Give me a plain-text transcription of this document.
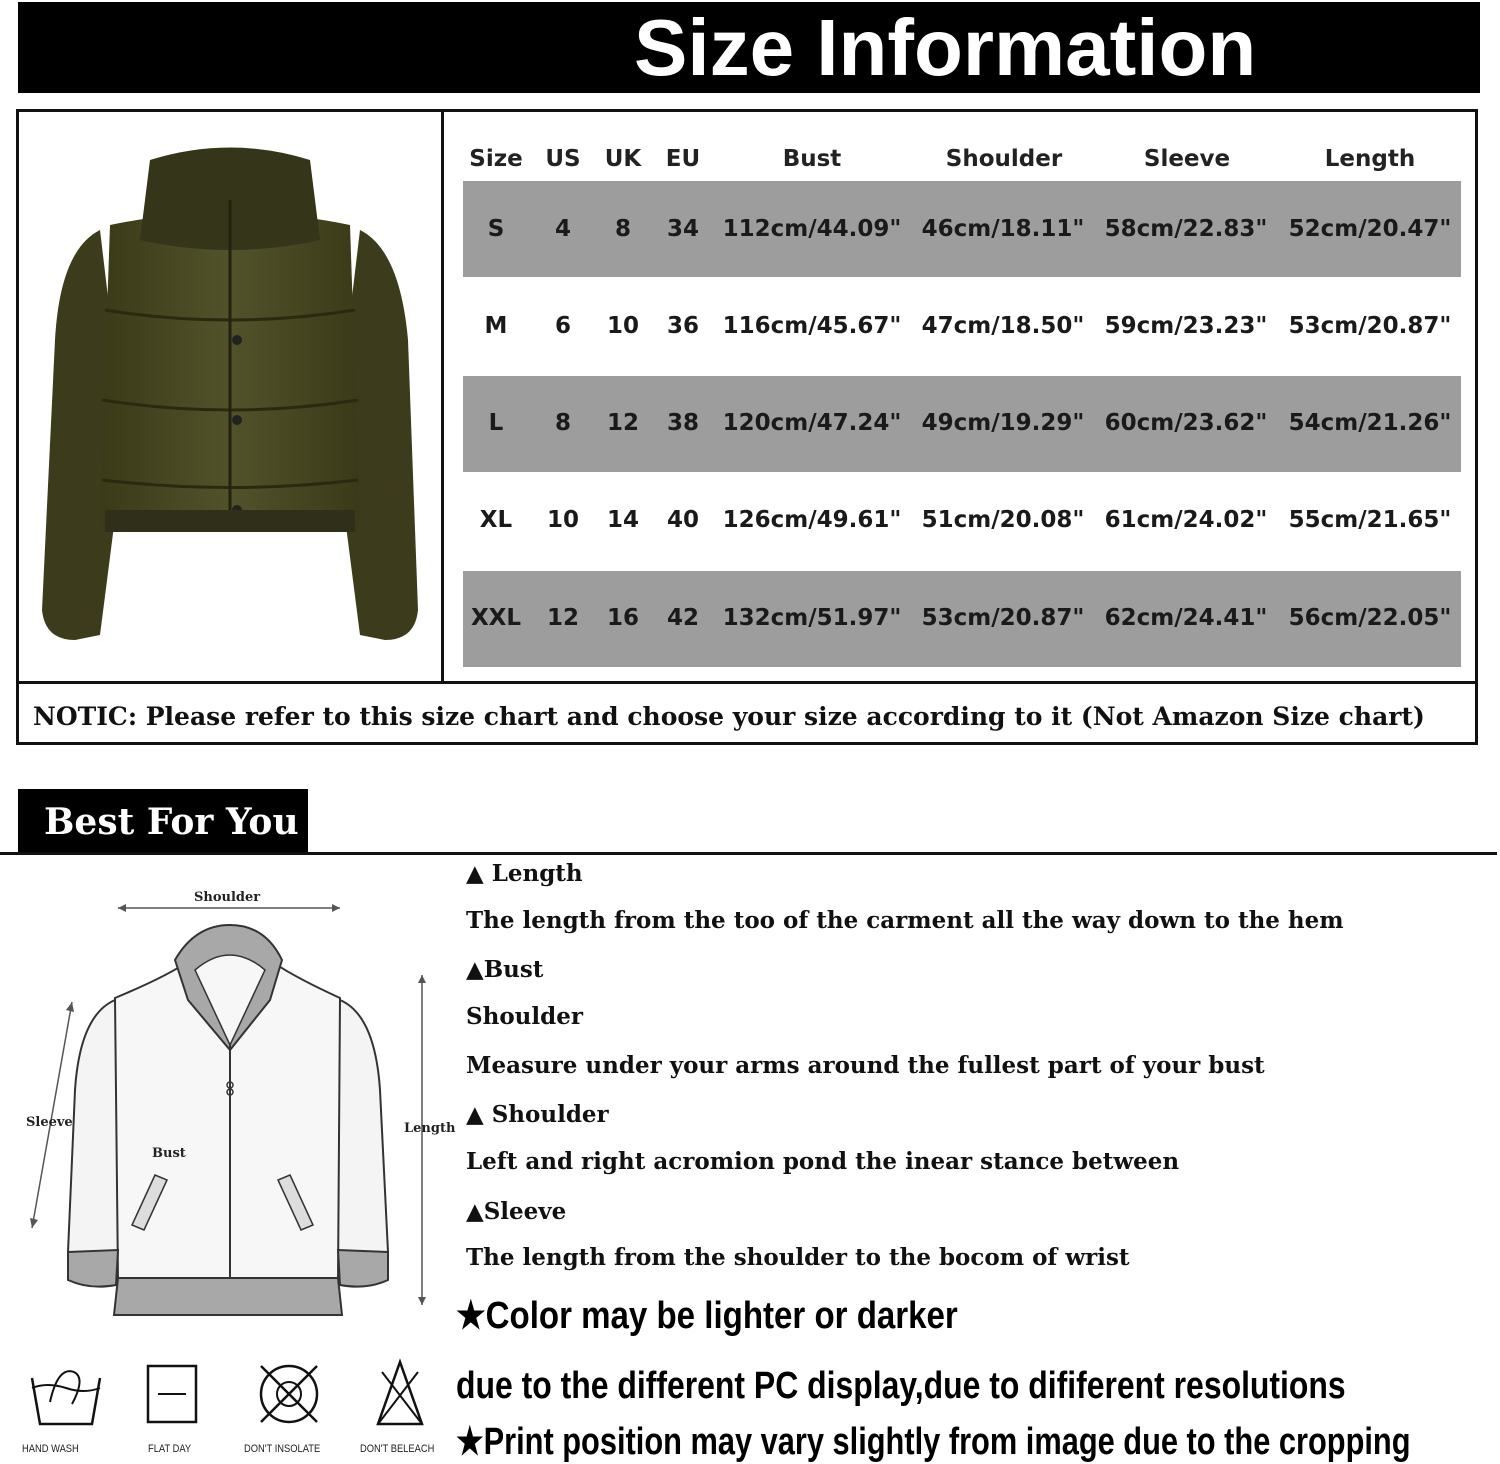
Size Information
Size US	UK	EU	Bust	Shoulder	Sleeve	Length
S	4	8	34	112cm/44.09" 46cm/18.11" 58cm/22.83" 52cm/20.47"
M	6	10	36	116cm/45.67" 47cm/18.50" 59cm/23.23" 53cm/20.87"
L	8	12	38	120cm/47.24" 49cm/19.29" 60cm/23.62" 54cm/21.26"
XL	10	14	40	126cm/49.61" 51cm/20.08" 61cm/24.02" 55cm/21.65"
XXL	12	16	42	132cm/51.97" 53cm/20.87" 62cm/24.41" 56cm/22.05"
NOTIC: Please refer to this size chart and choose your size according to it (Not Amazon Size chart)
Best For You
Shoulder
Sleeve
Bust
Length
HAND WASH	FLAT DAY	DON'T INSOLATE	DON'T BELEACH
▲ Length
The length from the too of the carment all the way down to the hem
▲Bust
Shoulder
Measure under your arms around the fullest part of your bust
▲ Shoulder
Left and right acromion pond the inear stance between
▲Sleeve
The length from the shoulder to the bocom of wrist
★Color may be lighter or darker
due to the different PC display,due to dififerent resolutions
★Print position may vary slightly from image due to the cropping
